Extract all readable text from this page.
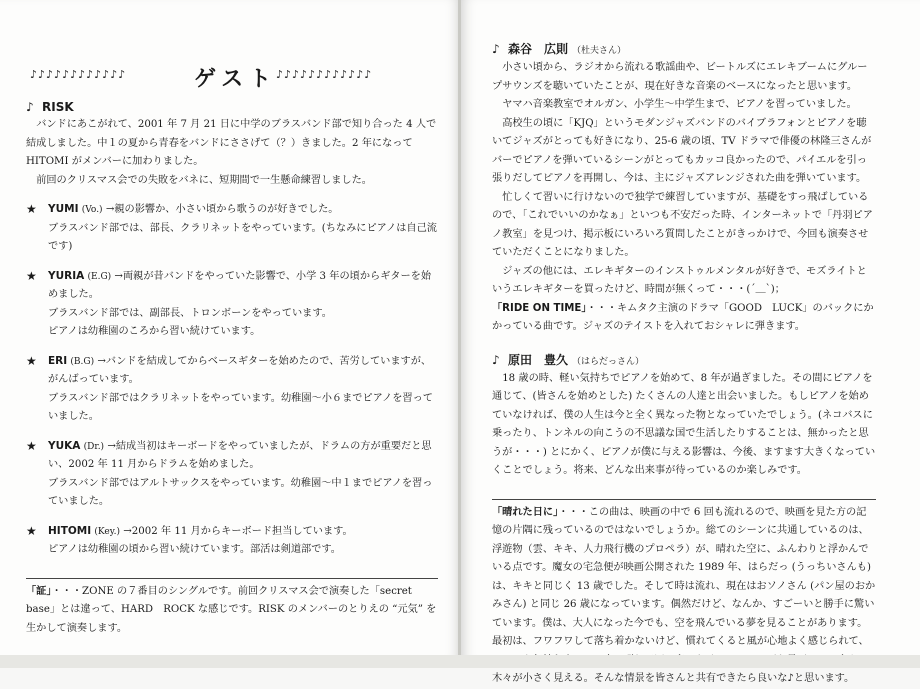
♪♪♪♪♪♪♪♪♪♪♪♪	ゲスト
♪♪♪♪♪♪♪♪♪♪♪♪
♪ RISK

バンドにあこがれて、2001 年 7 月 21 日に中学のブラスバンド部で知り合った 4 人で結成しました。中１の夏から青春をバンドにささげて（？）きました。2 年になって HITOMI がメンバーに加わりました。

前回のクリスマス会での失敗をバネに、短期間で一生懸命練習しました。

★	YUMI (Vo.) →親の影響か、小さい頃から歌うのが好きでした。
ブラスバンド部では、部長、クラリネットをやっています。(ちなみにピアノは自己流です)
★	YURIA (E.G) →両親が昔バンドをやっていた影響で、小学 3 年の頃からギターを始めました。
ブラスバンド部では、副部長、トロンボーンをやっています。
ピアノは幼稚園のころから習い続けています。
★	ERI (B.G) →バンドを結成してからベースギターを始めたので、苦労していますが、がんばっています。
ブラスバンド部ではクラリネットをやっています。幼稚園〜小６までピアノを習っていました。
★	YUKA (Dr.) →結成当初はキーボードをやっていましたが、ドラムの方が重要だと思い、2002 年 11 月からドラムを始めました。
ブラスバンド部ではアルトサックスをやっています。幼稚園〜中１までピアノを習っていました。
★	HITOMI (Key.) →2002 年 11 月からキーボード担当しています。
ピアノは幼稚園の頃から習い続けています。部活は剣道部です。

「証」・・・ZONE の７番目のシングルです。前回クリスマス会で演奏した「secret　base」とは違って、HARD　ROCK な感じです。RISK のメンバーのとりえの “元気” を生かして演奏します。

♪ 森谷　広則 （杜夫さん）

小さい頃から、ラジオから流れる歌謡曲や、ビートルズにエレキブームにグループサウンズを聴いていたことが、現在好きな音楽のベースになったと思います。

ヤマハ音楽教室でオルガン、小学生〜中学生まで、ピアノを習っていました。

高校生の頃に「KJQ」というモダンジャズバンドのバイブラフォンとピアノを聴いてジャズがとっても好きになり、25-6 歳の頃、TV ドラマで俳優の林隆三さんがバーでピアノを弾いているシーンがとってもカッコ良かったので、パイエルを引っ張りだしてピアノを再開し、今は、主にジャズアレンジされた曲を弾いています。

忙しくて習いに行けないので独学で練習していますが、基礎をすっ飛ばしているので、「これでいいのかなぁ」といつも不安だった時、インターネットで「丹羽ピアノ教室」を見つけ、掲示板にいろいろ質問したことがきっかけで、今回も演奏させていただくことになりました。

ジャズの他には、エレキギターのインストゥルメンタルが好きで、モズライトというエレキギターを買ったけど、時間が無くって・・・(´＿`)；

「RIDE ON TIME」・・・キムタク主演のドラマ「GOOD　LUCK」のバックにかかっている曲です。ジャズのテイストを入れておシャレに弾きます。

♪ 原田　豊久 （はらだっさん）

18 歳の時、軽い気持ちでピアノを始めて、8 年が過ぎました。その間にピアノを通じて、(皆さんを始めとした) たくさんの人達と出会いました。もしピアノを始めていなければ、僕の人生は今と全く異なった物となっていたでしょう。(ネコバスに乗ったり、トンネルの向こうの不思議な国で生活したりすることは、無かったと思うが・・・) とにかく、ピアノが僕に与える影響は、今後、ますます大きくなっていくことでしょう。将来、どんな出来事が待っているのか楽しみです。

「晴れた日に」・・・この曲は、映画の中で 6 回も流れるので、映画を見た方の記憶の片隅に残っているのではないでしょうか。総てのシーンに共通しているのは、浮遊物（雲、キキ、人力飛行機のプロペラ）が、晴れた空に、ふんわりと浮かんでいる点です。魔女の宅急便が映画公開された 1989 年、はらだっ (うっちいさんも) は、キキと同じく 13 歳でした。そして時は流れ、現在はおソノさん (パン屋のおかみさん) と同じ 26 歳になっています。偶然だけど、なんか、すごーいと勝手に驚いています。僕は、大人になった今でも、空を飛んでいる夢を見ることがあります。最初は、フワフワして落ち着かないけど、慣れてくると風が心地よく感じられて、 木々が小さく見える。そんな情景を皆さんと共有できたら良いな♪と思います。
